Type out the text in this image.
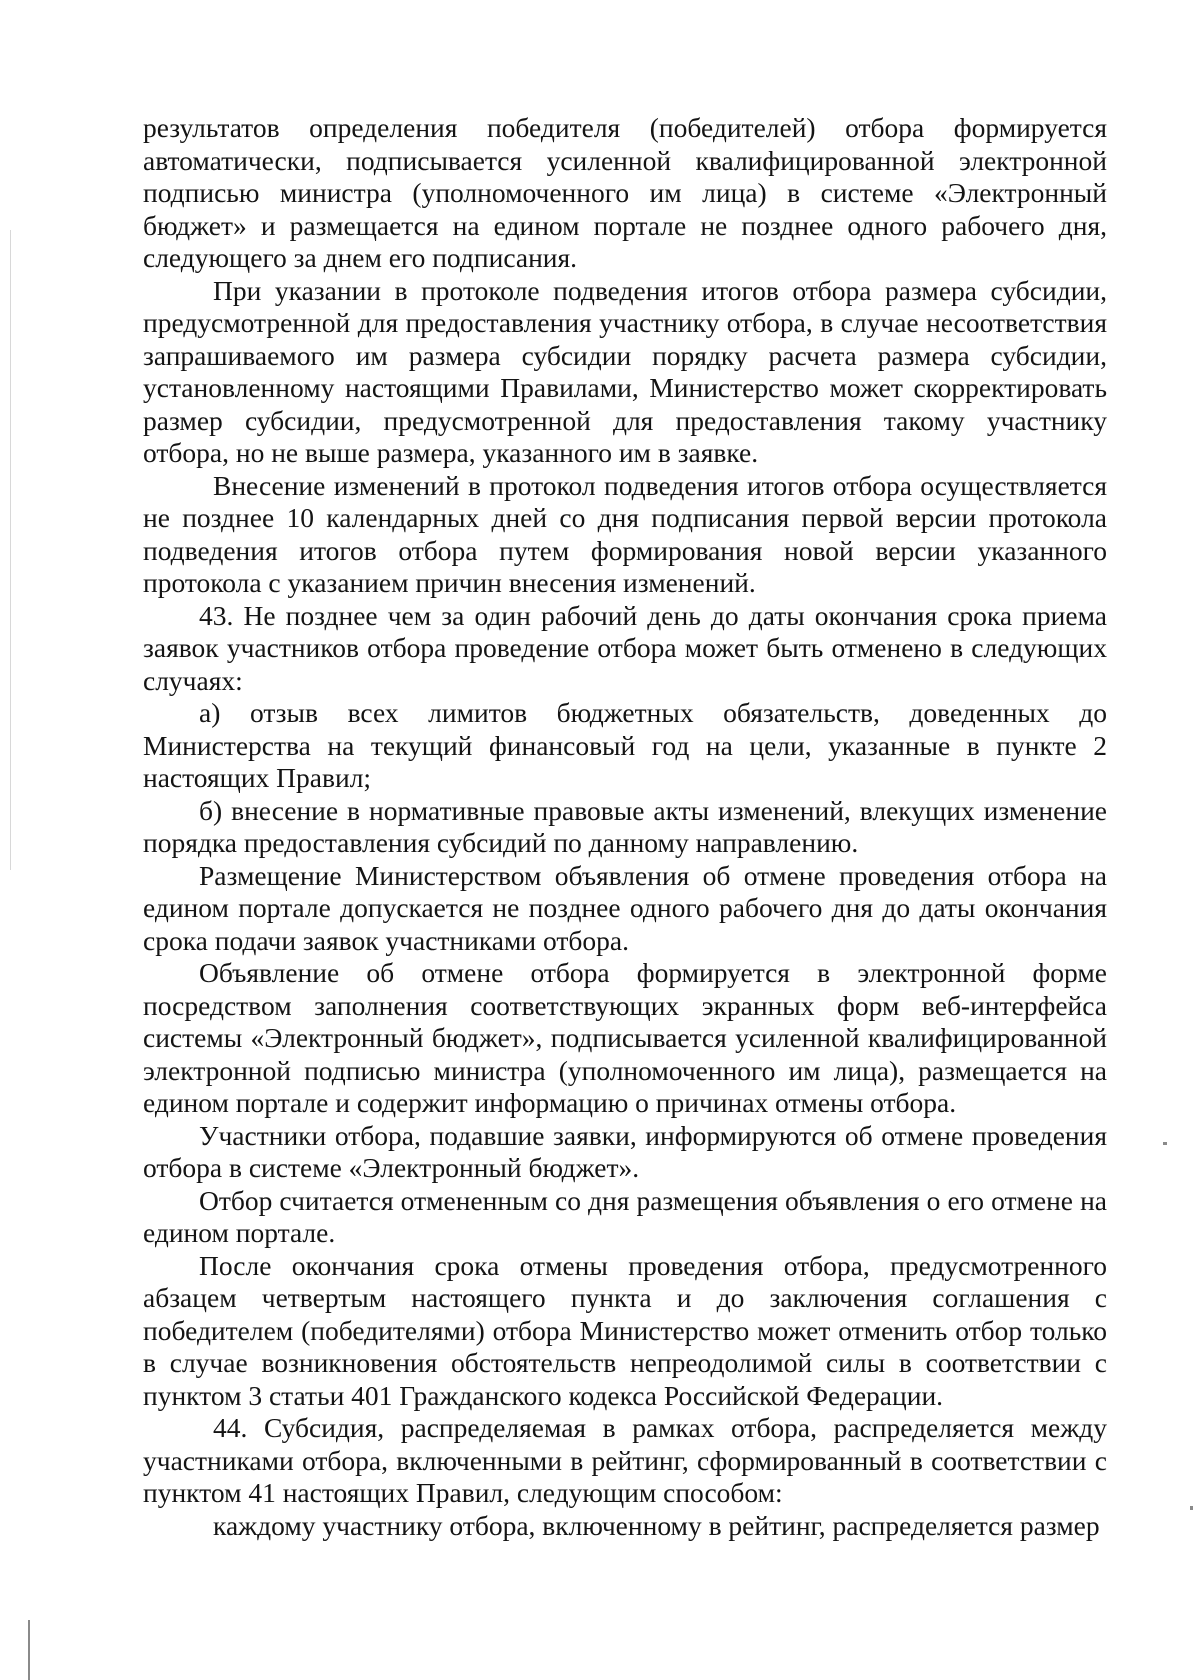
результатов определения победителя (победителей) отбора формируется автоматически, подписывается усиленной квалифицированной электронной подписью министра (уполномоченного им лица) в системе «Электронный бюджет» и размещается на едином портале не позднее одного рабочего дня, следующего за днем его подписания.

При указании в протоколе подведения итогов отбора размера субсидии, предусмотренной для предоставления участнику отбора, в случае несоответствия запрашиваемого им размера субсидии порядку расчета размера субсидии, установленному настоящими Правилами, Министерство может скорректировать размер субсидии, предусмотренной для предоставления такому участнику отбора, но не выше размера, указанного им в заявке.

Внесение изменений в протокол подведения итогов отбора осуществляется не позднее 10 календарных дней со дня подписания первой версии протокола подведения итогов отбора путем формирования новой версии указанного протокола с указанием причин внесения изменений.

43. Не позднее чем за один рабочий день до даты окончания срока приема заявок участников отбора проведение отбора может быть отменено в следующих случаях:

а) отзыв всех лимитов бюджетных обязательств, доведенных до Министерства на текущий финансовый год на цели, указанные в пункте 2 настоящих Правил;

б) внесение в нормативные правовые акты изменений, влекущих изменение порядка предоставления субсидий по данному направлению.

Размещение Министерством объявления об отмене проведения отбора на едином портале допускается не позднее одного рабочего дня до даты окончания срока подачи заявок участниками отбора.

Объявление об отмене отбора формируется в электронной форме посредством заполнения соответствующих экранных форм веб-интерфейса системы «Электронный бюджет», подписывается усиленной квалифицированной электронной подписью министра (уполномоченного им лица), размещается на едином портале и содержит информацию о причинах отмены отбора.

Участники отбора, подавшие заявки, информируются об отмене проведения отбора в системе «Электронный бюджет».

Отбор считается отмененным со дня размещения объявления о его отмене на едином портале.

После окончания срока отмены проведения отбора, предусмотренного абзацем четвертым настоящего пункта и до заключения соглашения с победителем (победителями) отбора Министерство может отменить отбор только в случае возникновения обстоятельств непреодолимой силы в соответствии с пунктом 3 статьи 401 Гражданского кодекса Российской Федерации.

44. Субсидия, распределяемая в рамках отбора, распределяется между участниками отбора, включенными в рейтинг, сформированный в соответствии с пунктом 41 настоящих Правил, следующим способом:

каждому участнику отбора, включенному в рейтинг, распределяется размер
